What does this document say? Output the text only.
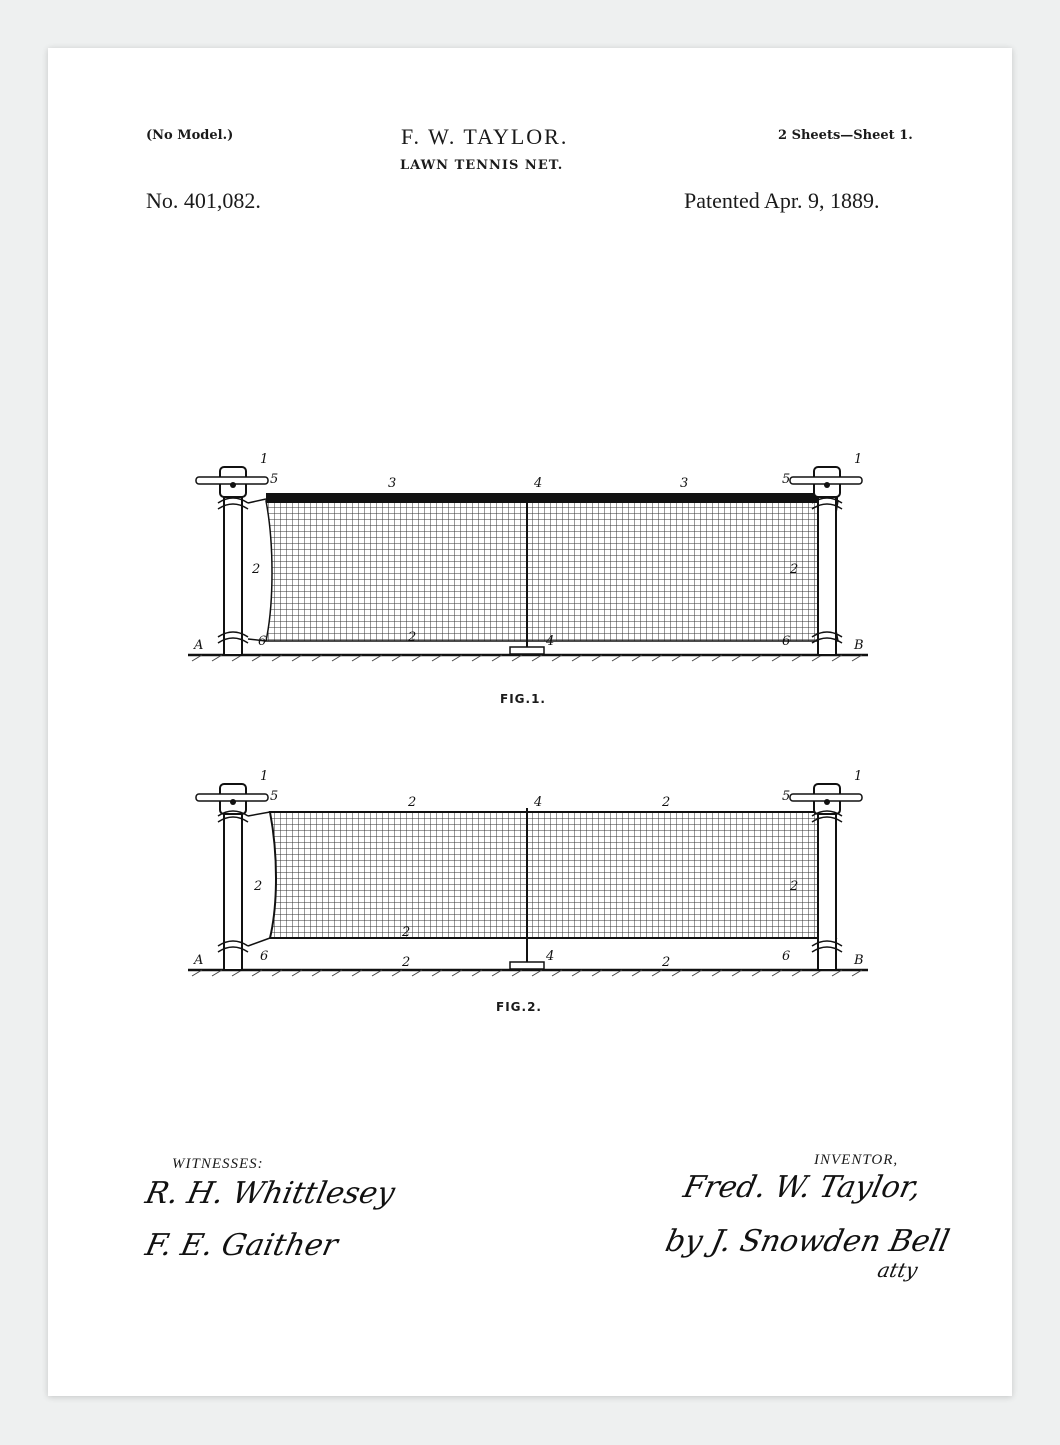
(No Model.)	F. W. TAYLOR.

LAWN TENNIS NET.

2 Sheets—Sheet 1.

No. 401,082.	Patented Apr. 9, 1889.

1	1
5	5
3	3
4
4
2	2
2
6	6
A	B

FIG.1.

1	1
5	5
2	2
4
4
2	2
2
2	2
6	6
A	B

FIG.2.

WITNESSES:

R. H. Whittlesey

F. E. Gaither

INVENTOR,

Fred. W. Taylor,

by J. Snowden Bell

atty
